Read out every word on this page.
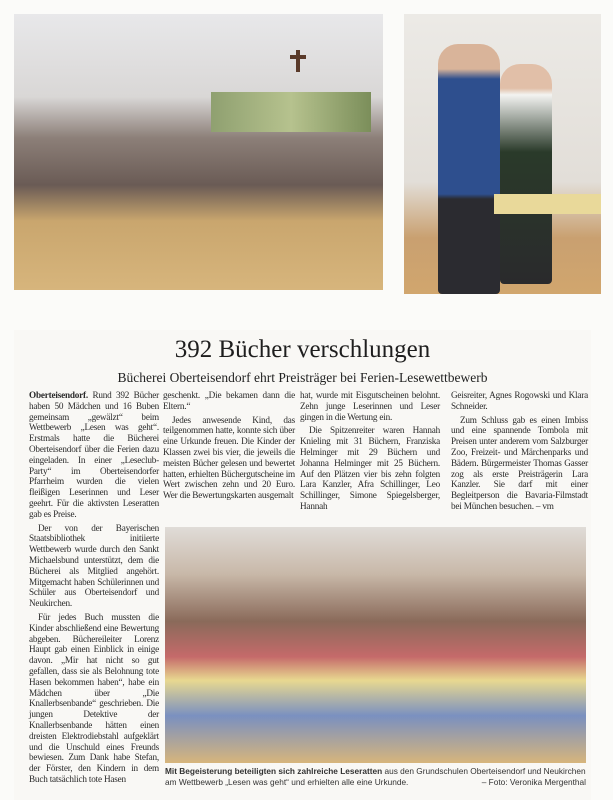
392 Bücher verschlungen
Bücherei Oberteisendorf ehrt Preisträger bei Ferien-Lesewettbewerb

Oberteisendorf. Rund 392 Bücher haben 50 Mädchen und 16 Buben gemeinsam „gewälzt“ beim Wettbewerb „Lesen was geht“. Erstmals hatte die Bücherei Oberteisendorf über die Ferien dazu eingeladen. In einer „Leseclub-Party“ im Oberteisendorfer Pfarrheim wurden die vielen fleißigen Leserinnen und Leser geehrt. Für die aktivsten Leseratten gab es Preise.

Der von der Bayerischen Staatsbibliothek initiierte Wettbewerb wurde durch den Sankt Michaelsbund unterstützt, dem die Bücherei als Mitglied angehört. Mitgemacht haben Schülerinnen und Schüler aus Oberteisendorf und Neukirchen.

Für jedes Buch mussten die Kinder abschließend eine Bewertung abgeben. Büchereileiter Lorenz Haupt gab einen Einblick in einige davon. „Mir hat nicht so gut gefallen, dass sie als Belohnung tote Hasen bekommen haben“, habe ein Mädchen über „Die Knallerbsenbande“ geschrieben. Die jungen Detektive der Knallerbsenbande hätten einen dreisten Elektrodiebstahl aufgeklärt und die Unschuld eines Freunds bewiesen. Zum Dank habe Stefan, der Förster, den Kindern in dem Buch tatsächlich tote Hasen

geschenkt. „Die bekamen dann die Eltern.“

Jedes anwesende Kind, das teilgenommen hatte, konnte sich über eine Urkunde freuen. Die Kinder der Klassen zwei bis vier, die jeweils die meisten Bücher gelesen und bewertet hatten, erhielten Büchergutscheine im Wert zwischen zehn und 20 Euro. Wer die Bewertungskarten ausgemalt

hat, wurde mit Eisgutscheinen belohnt. Zehn junge Leserinnen und Leser gingen in die Wertung ein.

Die Spitzenreiter waren Hannah Knieling mit 31 Büchern, Franziska Helminger mit 29 Büchern und Johanna Helminger mit 25 Büchern. Auf den Plätzen vier bis zehn folgten Lara Kanzler, Afra Schillinger, Leo Schillinger, Simone Spiegelsberger, Hannah

Geisreiter, Agnes Rogowski und Klara Schneider.

Zum Schluss gab es einen Imbiss und eine spannende Tombola mit Preisen unter anderem vom Salzburger Zoo, Freizeit- und Märchenparks und Bädern. Bürgermeister Thomas Gasser zog als erste Preisträgerin Lara Kanzler. Sie darf mit einer Begleitperson die Bavaria-Filmstadt bei München besuchen. – vm

Mit Begeisterung beteiligten sich zahlreiche Leseratten aus den Grundschulen Oberteisendorf und Neukirchen am Wettbewerb „Lesen was geht“ und erhielten alle eine Urkunde.	– Foto: Veronika Mergenthal
